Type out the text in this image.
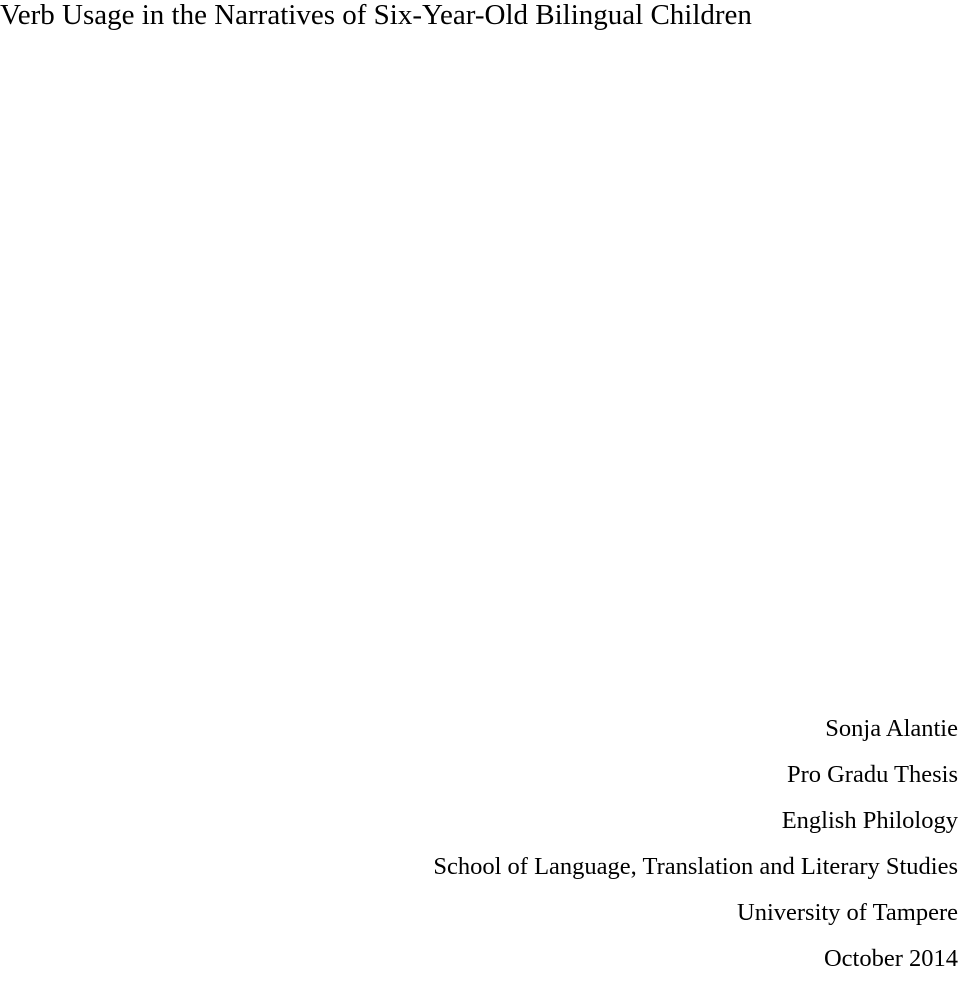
Verb Usage in the Narratives of Six-Year-Old Bilingual Children
Sonja Alantie
Pro Gradu Thesis
English Philology
School of Language, Translation and Literary Studies
University of Tampere
October 2014
